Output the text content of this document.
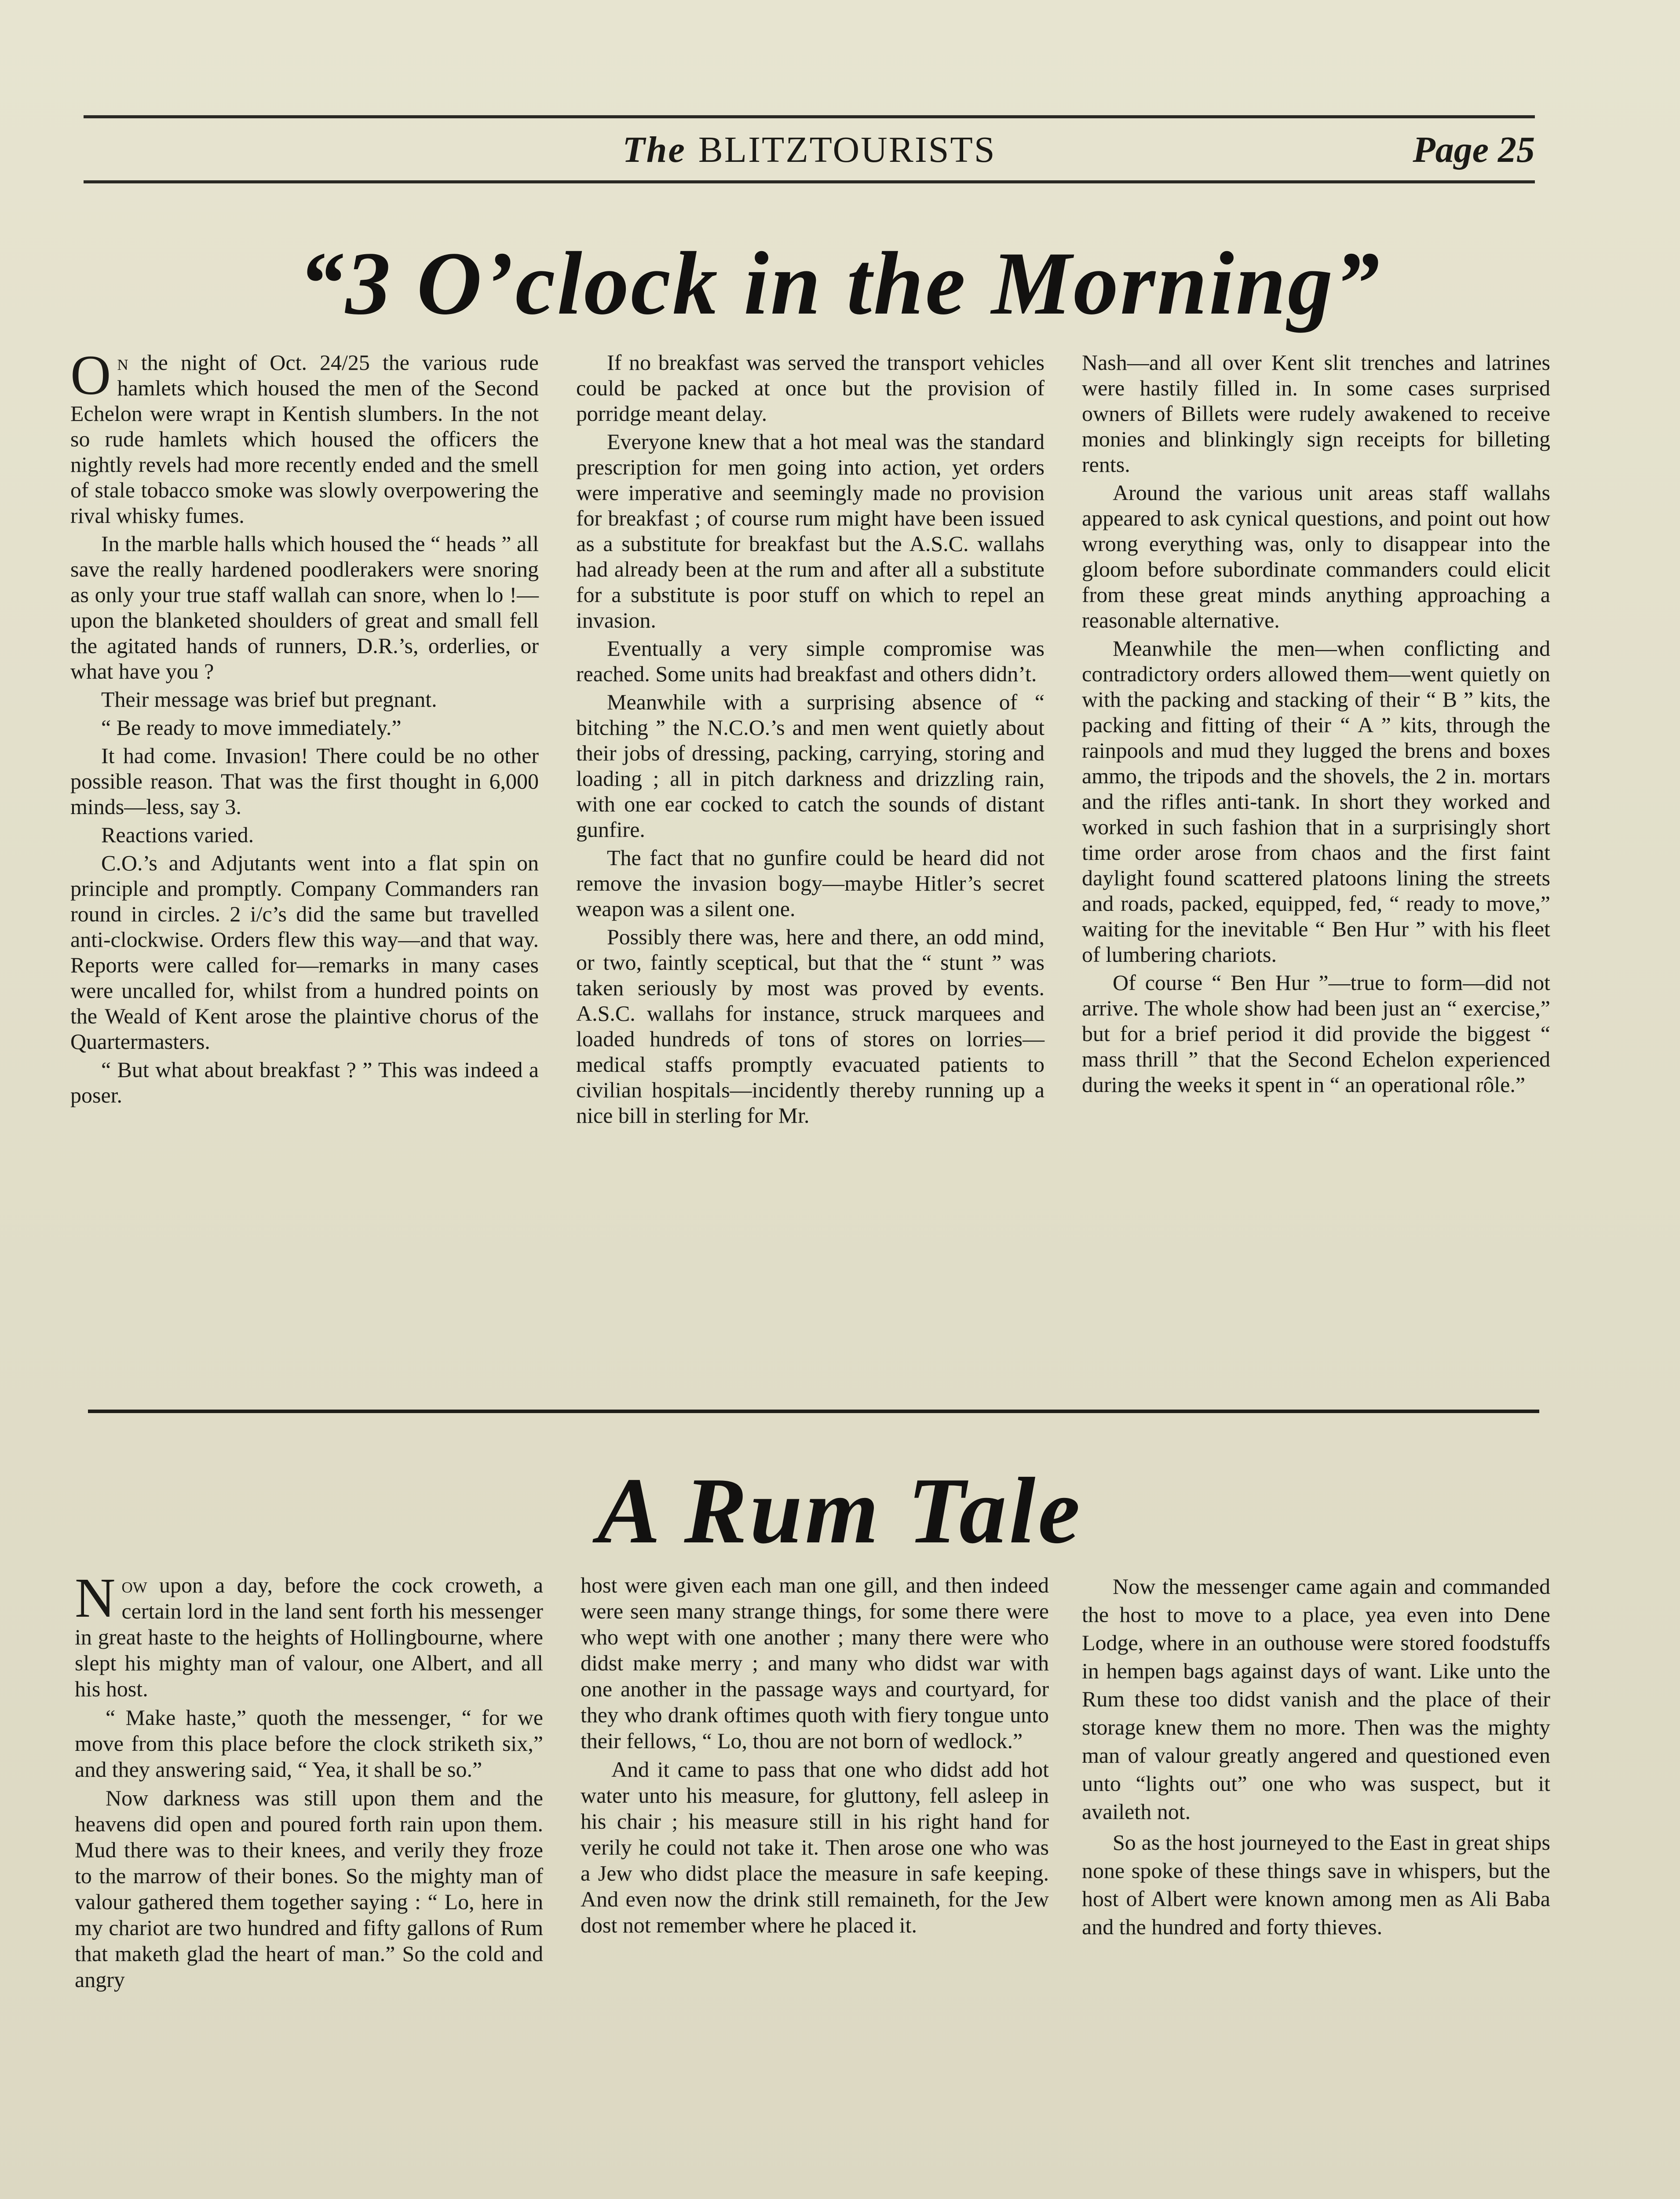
The BLITZTOURISTS	Page 25
“3 O’clock in the Morning”

On the night of Oct. 24/25 the various rude hamlets which housed the men of the Second Echelon were wrapt in Kentish slumbers. In the not so rude hamlets which housed the officers the nightly revels had more recently ended and the smell of stale tobacco smoke was slowly overpowering the rival whisky fumes.

In the marble halls which housed the “ heads ” all save the really hardened poodlerakers were snoring as only your true staff wallah can snore, when lo !—upon the blanketed shoulders of great and small fell the agitated hands of runners, D.R.’s, orderlies, or what have you ?

Their message was brief but pregnant.

“ Be ready to move immediately.”

It had come. Invasion! There could be no other possible reason. That was the first thought in 6,000 minds—less, say 3.

Reactions varied.

C.O.’s and Adjutants went into a flat spin on principle and promptly. Company Commanders ran round in circles. 2 i/c’s did the same but travelled anti-clockwise. Orders flew this way—and that way. Reports were called for—remarks in many cases were uncalled for, whilst from a hundred points on the Weald of Kent arose the plaintive chorus of the Quartermasters.

“ But what about breakfast ? ” This was indeed a poser.

If no breakfast was served the transport vehicles could be packed at once but the provision of porridge meant delay.

Everyone knew that a hot meal was the standard prescription for men going into action, yet orders were imperative and seemingly made no provision for breakfast ; of course rum might have been issued as a substitute for breakfast but the A.S.C. wallahs had already been at the rum and after all a substitute for a substitute is poor stuff on which to repel an invasion.

Eventually a very simple compromise was reached. Some units had breakfast and others didn’t.

Meanwhile with a surprising absence of “ bitching ” the N.C.O.’s and men went quietly about their jobs of dressing, packing, carrying, storing and loading ; all in pitch darkness and drizzling rain, with one ear cocked to catch the sounds of distant gunfire.

The fact that no gunfire could be heard did not remove the invasion bogy—maybe Hitler’s secret weapon was a silent one.

Possibly there was, here and there, an odd mind, or two, faintly sceptical, but that the “ stunt ” was taken seriously by most was proved by events. A.S.C. wallahs for instance, struck marquees and loaded hundreds of tons of stores on lorries—medical staffs promptly evacuated patients to civilian hospitals—incidently thereby running up a nice bill in sterling for Mr.

Nash—and all over Kent slit trenches and latrines were hastily filled in. In some cases surprised owners of Billets were rudely awakened to receive monies and blinkingly sign receipts for billeting rents.

Around the various unit areas staff wallahs appeared to ask cynical questions, and point out how wrong everything was, only to disappear into the gloom before subordinate commanders could elicit from these great minds anything approaching a reasonable alternative.

Meanwhile the men—when conflicting and contradictory orders allowed them—went quietly on with the packing and stacking of their “ B ” kits, the packing and fitting of their “ A ” kits, through the rainpools and mud they lugged the brens and boxes ammo, the tripods and the shovels, the 2 in. mortars and the rifles anti-tank. In short they worked and worked in such fashion that in a surprisingly short time order arose from chaos and the first faint daylight found scattered platoons lining the streets and roads, packed, equipped, fed, “ ready to move,” waiting for the inevitable “ Ben Hur ” with his fleet of lumbering chariots.

Of course “ Ben Hur ”—true to form—did not arrive. The whole show had been just an “ exercise,” but for a brief period it did provide the biggest “ mass thrill ” that the Second Echelon experienced during the weeks it spent in “ an operational rôle.”

A Rum Tale

Now upon a day, before the cock croweth, a certain lord in the land sent forth his messenger in great haste to the heights of Hollingbourne, where slept his mighty man of valour, one Albert, and all his host.

“ Make haste,” quoth the messenger, “ for we move from this place before the clock striketh six,” and they answering said, “ Yea, it shall be so.”

Now darkness was still upon them and the heavens did open and poured forth rain upon them. Mud there was to their knees, and verily they froze to the marrow of their bones. So the mighty man of valour gathered them together saying : “ Lo, here in my chariot are two hundred and fifty gallons of Rum that maketh glad the heart of man.” So the cold and angry

host were given each man one gill, and then indeed were seen many strange things, for some there were who wept with one another ; many there were who didst make merry ; and many who didst war with one another in the passage ways and courtyard, for they who drank oftimes quoth with fiery tongue unto their fellows, “ Lo, thou are not born of wedlock.”

And it came to pass that one who didst add hot water unto his measure, for gluttony, fell asleep in his chair ; his measure still in his right hand for verily he could not take it. Then arose one who was a Jew who didst place the measure in safe keeping. And even now the drink still remaineth, for the Jew dost not remember where he placed it.

Now the messenger came again and commanded the host to move to a place, yea even into Dene Lodge, where in an outhouse were stored foodstuffs in hempen bags against days of want. Like unto the Rum these too didst vanish and the place of their storage knew them no more. Then was the mighty man of valour greatly angered and questioned even unto “lights out” one who was suspect, but it availeth not.

So as the host journeyed to the East in great ships none spoke of these things save in whispers, but the host of Albert were known among men as Ali Baba and the hundred and forty thieves.
